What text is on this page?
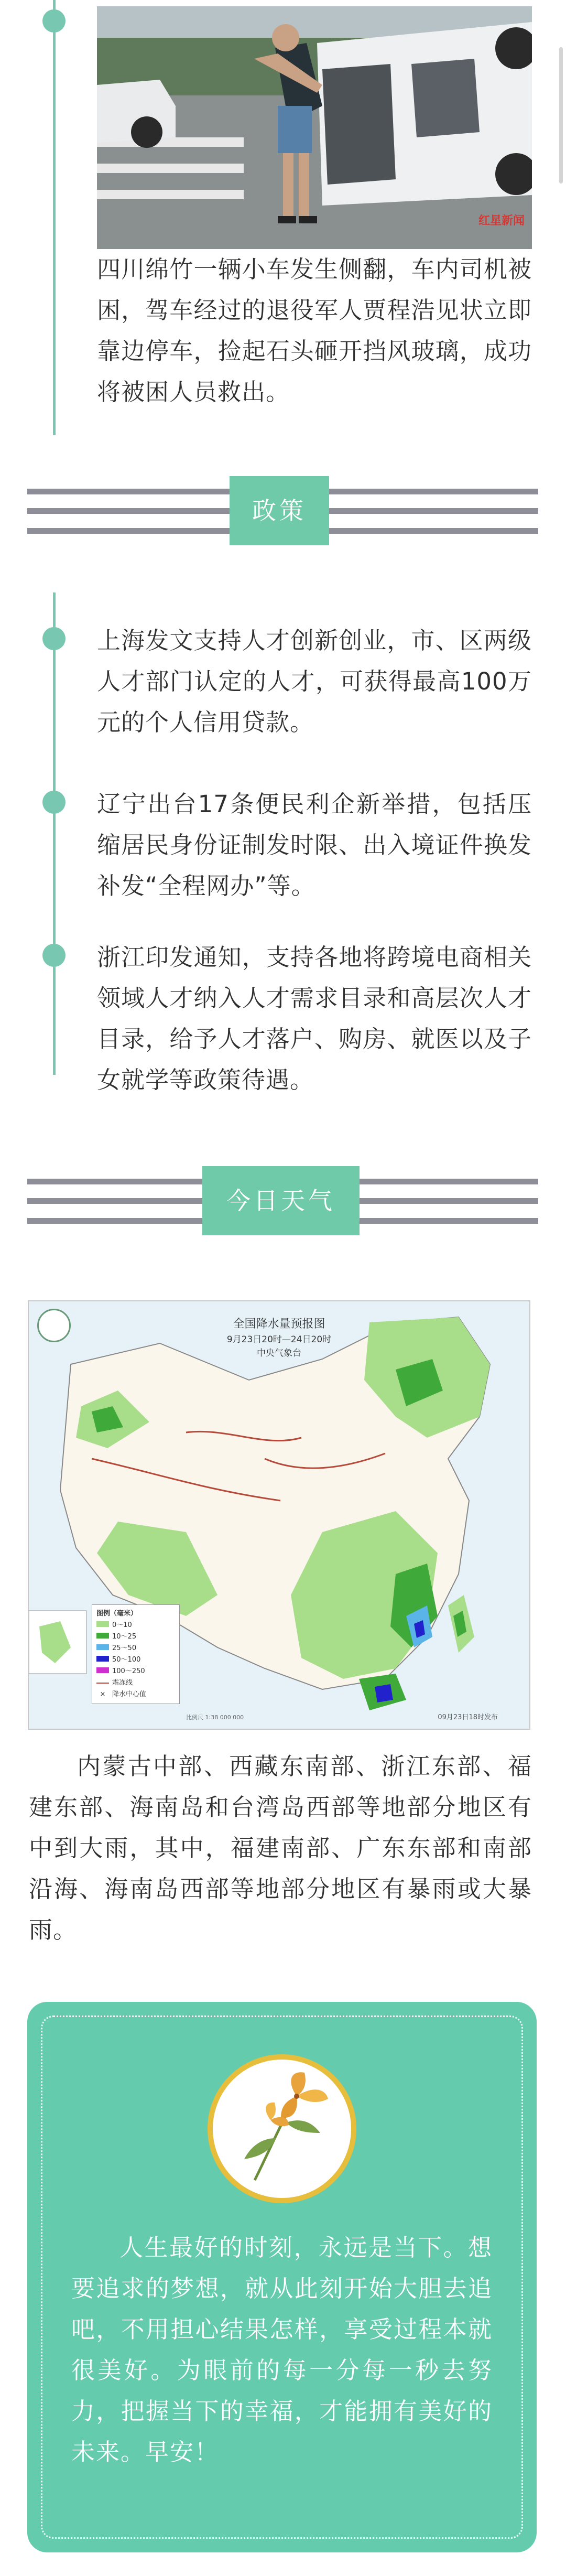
红星新闻
四川绵竹一辆小车发生侧翻，车内司机被困，驾车经过的退役军人贾程浩见状立即靠边停车，捡起石头砸开挡风玻璃，成功将被困人员救出。
政策
上海发文支持人才创新创业，市、区两级人才部门认定的人才，可获得最高100万元的个人信用贷款。
辽宁出台17条便民利企新举措，包括压缩居民身份证制发时限、出入境证件换发补发“全程网办”等。
浙江印发通知，支持各地将跨境电商相关领域人才纳入人才需求目录和高层次人才目录，给予人才落户、购房、就医以及子女就学等政策待遇。
今日天气
全国降水量预报图
9月23日20时—24日20时
中央气象台
图例（毫米）
0～10
10～25
25～50
50～100
100～250
霜冻线
× 降水中心值
比例尺 1:38 000 000	09月23日18时发布
内蒙古中部、西藏东南部、浙江东部、福建东部、海南岛和台湾岛西部等地部分地区有中到大雨，其中，福建南部、广东东部和南部沿海、海南岛西部等地部分地区有暴雨或大暴雨。
人生最好的时刻，永远是当下。想要追求的梦想，就从此刻开始大胆去追吧，不用担心结果怎样，享受过程本就很美好。为眼前的每一分每一秒去努力，把握当下的幸福，才能拥有美好的未来。早安！
